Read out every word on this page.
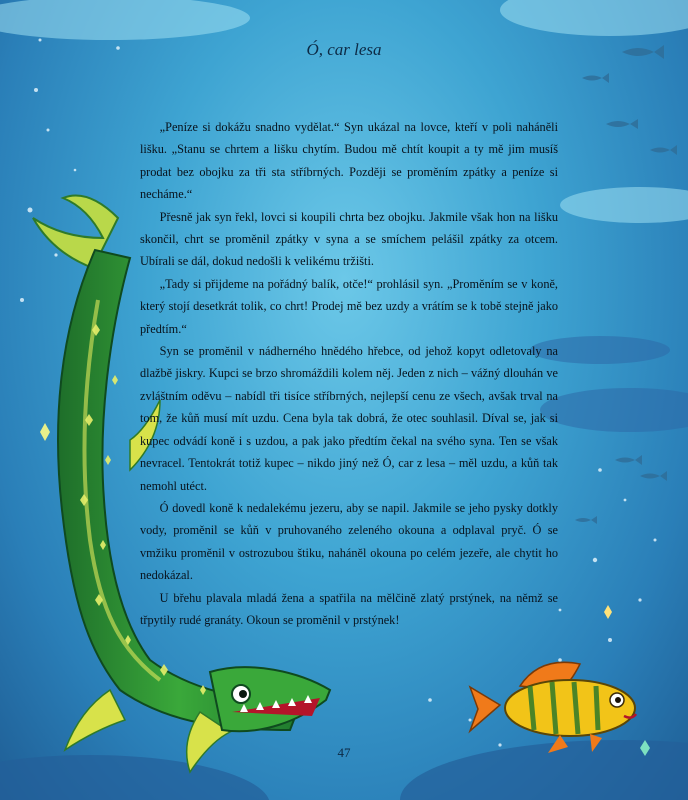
Ó, car lesa

„Peníze si dokážu snadno vydělat.“ Syn ukázal na lovce, kteří v poli naháněli lišku. „Stanu se chrtem a lišku chytím. Budou mě chtít koupit a ty mě jim musíš prodat bez obojku za tři sta stříbrných. Později se proměním zpátky a peníze si necháme.“

Přesně jak syn řekl, lovci si koupili chrta bez obojku. Jakmile však hon na lišku skončil, chrt se proměnil zpátky v syna a se smíchem pelášil zpátky za otcem. Ubírali se dál, dokud nedošli k velikému tržišti.

„Tady si přijdeme na pořádný balík, otče!“ prohlásil syn. „Proměním se v koně, který stojí desetkrát tolik, co chrt! Prodej mě bez uzdy a vrátím se k tobě stejně jako předtím.“

Syn se proměnil v nádherného hnědého hřebce, od jehož kopyt odletovaly na dlažbě jiskry. Kupci se brzo shromáždili kolem něj. Jeden z nich – vážný dlouhán ve zvláštním oděvu – nabídl tři tisíce stříbrných, nejlepší cenu ze všech, avšak trval na tom, že kůň musí mít uzdu. Cena byla tak dobrá, že otec souhlasil. Díval se, jak si kupec odvádí koně i s uzdou, a pak jako předtím čekal na svého syna. Ten se však nevracel. Tentokrát totiž kupec – nikdo jiný než Ó, car z lesa – měl uzdu, a kůň tak nemohl utéct.

Ó dovedl koně k nedalekému jezeru, aby se napil. Jakmile se jeho pysky dotkly vody, proměnil se kůň v pruhovaného zeleného okouna a odplaval pryč. Ó se vmžiku proměnil v ostrozubou štiku, naháněl okouna po celém jezeře, ale chytit ho nedokázal.

U břehu plavala mladá žena a spatřila na mělčině zlatý prstýnek, na němž se třpytily rudé granáty. Okoun se proměnil v prstýnek!

47
